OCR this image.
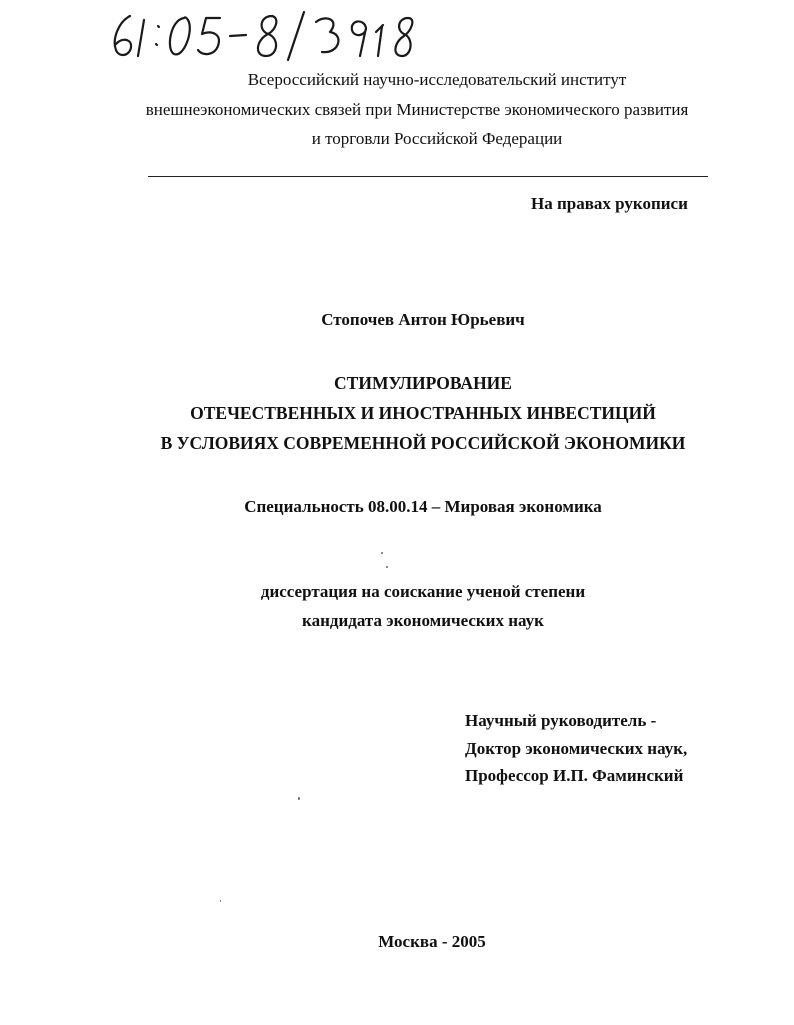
Всероссийский научно-исследовательский институт
внешнеэкономических связей при Министерстве экономического развития
и торговли Российской Федерации
На правах рукописи
Стопочев Антон Юрьевич
СТИМУЛИРОВАНИЕ
ОТЕЧЕСТВЕННЫХ И ИНОСТРАННЫХ ИНВЕСТИЦИЙ
В УСЛОВИЯХ СОВРЕМЕННОЙ РОССИЙСКОЙ ЭКОНОМИКИ
Специальность 08.00.14 – Мировая экономика
диссертация на соискание ученой степени
кандидата экономических наук
Научный руководитель -
Доктор экономических наук,
Профессор И.П. Фаминский
Москва - 2005
